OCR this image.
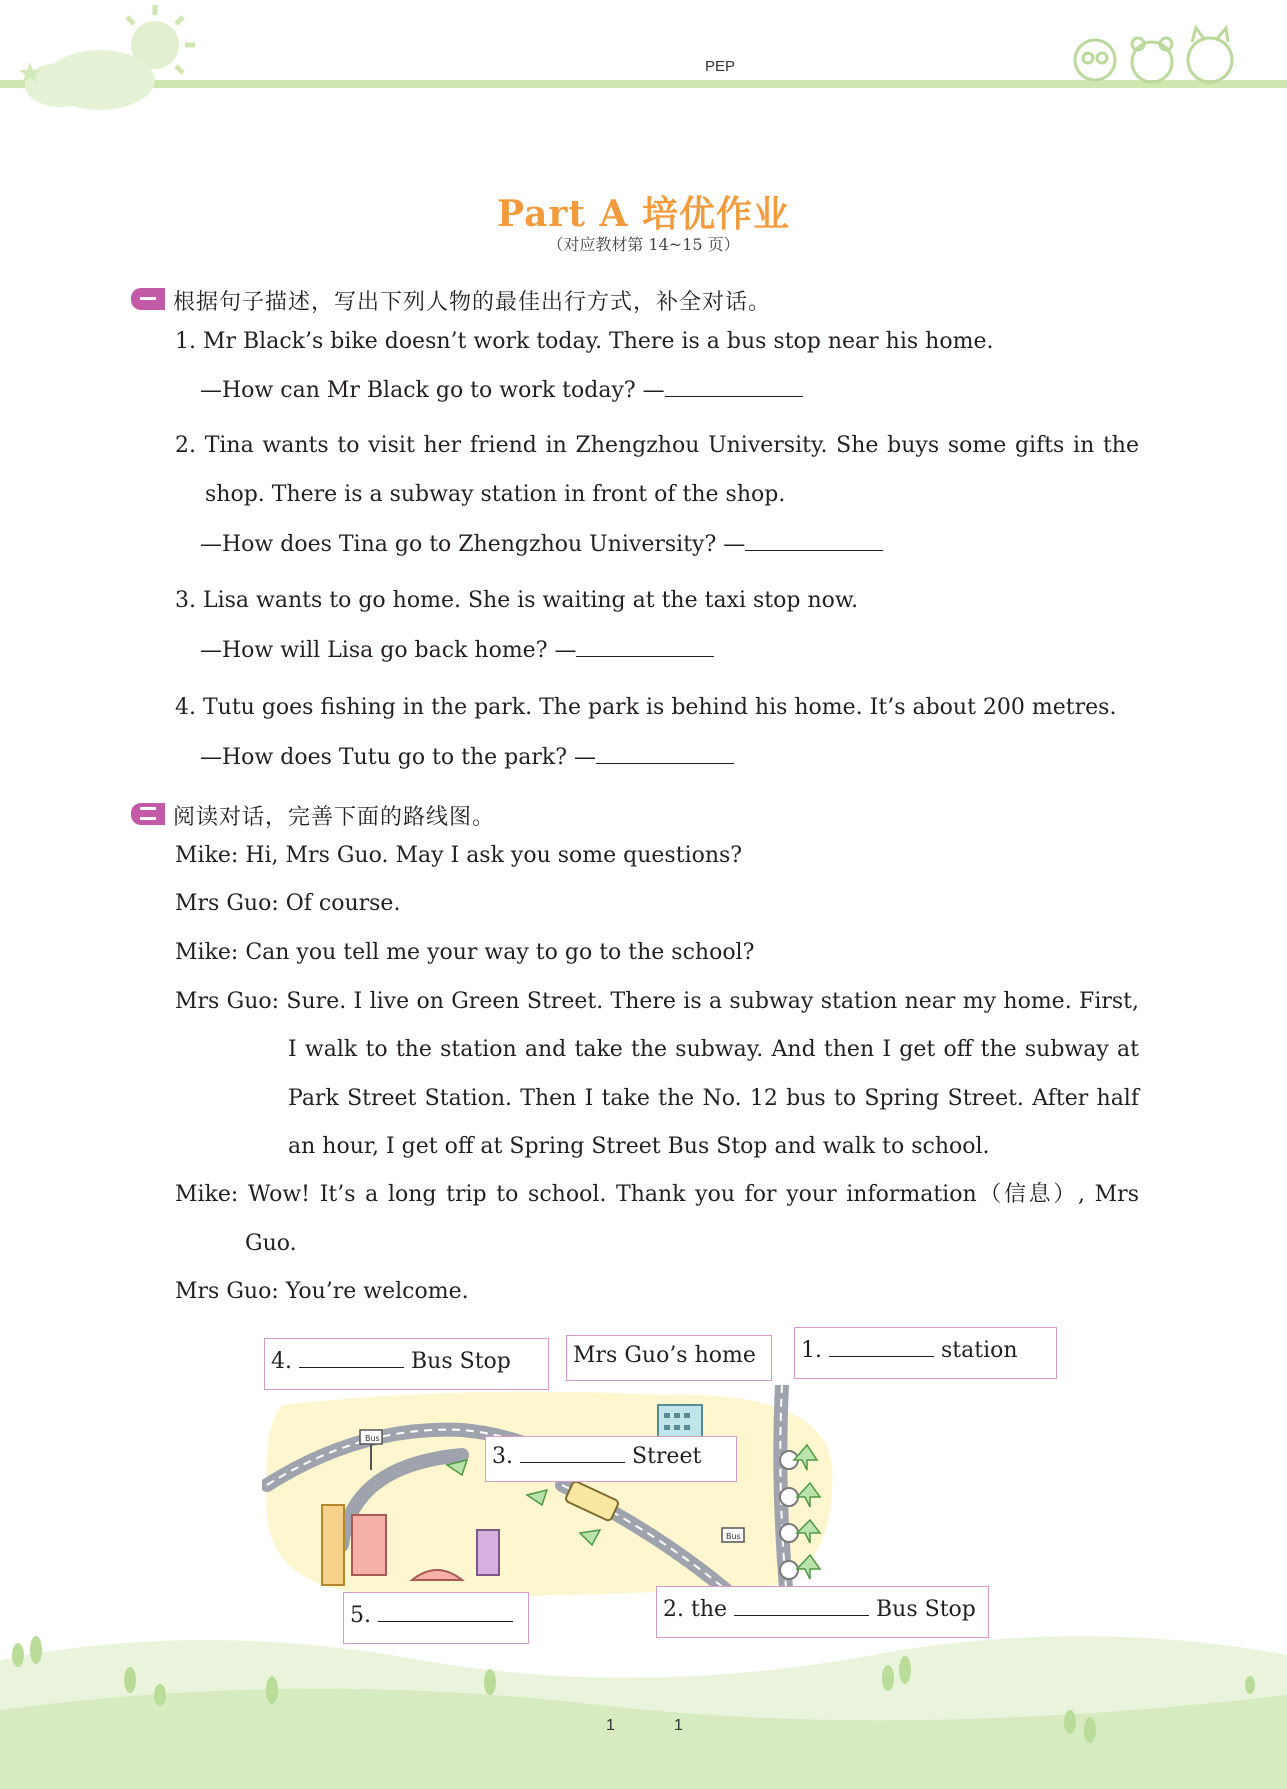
PEP
Part A 培优作业
（对应教材第 14~15 页）
根据句子描述，写出下列人物的最佳出行方式，补全对话。
1. Mr Black’s bike doesn’t work today. There is a bus stop near his home.
—How can Mr Black go to work today? —
2. Tina wants to visit her friend in Zhengzhou University. She buys some gifts in the
shop. There is a subway station in front of the shop.
—How does Tina go to Zhengzhou University? —
3. Lisa wants to go home. She is waiting at the taxi stop now.
—How will Lisa go back home? —
4. Tutu goes fishing in the park. The park is behind his home. It’s about 200 metres.
—How does Tutu go to the park? —
阅读对话，完善下面的路线图。
Mike: Hi, Mrs Guo. May I ask you some questions?
Mrs Guo: Of course.
Mike: Can you tell me your way to go to the school?
Mrs Guo: Sure. I live on Green Street. There is a subway station near my home. First,
I walk to the station and take the subway. And then I get off the subway at
Park Street Station. Then I take the No. 12 bus to Spring Street. After half
an hour, I get off at Spring Street Bus Stop and walk to school.
Mike: Wow! It’s a long trip to school. Thank you for your information（信息）, Mrs
Guo.
Mrs Guo: You’re welcome.
Bus
Bus
4.	Bus Stop	Mrs Guo’s home	1.	station
3.	Street
5.	2. the	Bus Stop
1	1
